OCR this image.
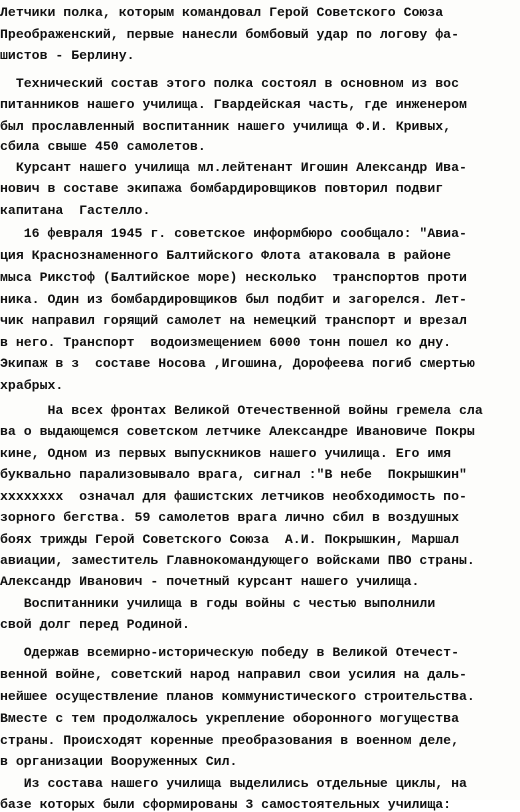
Летчики полка, которым командовал Герой Советского Союза
Преображенский, первые нанесли бомбовый удар по логову фа-
шистов - Берлину.
Технический состав этого полка состоял в основном из вос
питанников нашего училища. Гвардейская часть, где инженером
был прославленный воспитанник нашего училища Ф.И. Кривых,
сбила свыше 450 самолетов.
Курсант нашего училища мл.лейтенант Игошин Александр Ива-
нович в составе экипажа бомбардировщиков повторил подвиг
капитана  Гастелло.
16 февраля 1945 г. советское информбюро сообщало: "Авиа-
ция Краснознаменного Балтийского Флота атаковала в районе
мыса Рикстоф (Балтийское море) несколько  транспортов проти
ника. Один из бомбардировщиков был подбит и загорелся. Лет-
чик направил горящий самолет на немецкий транспорт и врезал
в него. Транспорт  водоизмещением 6000 тонн пошел ко дну.
Экипаж в з  составе Носова ,Игошина, Дорофеева погиб смертью
храбрых.
На всех фронтах Великой Отечественной войны гремела сла
ва о выдающемся советском летчике Александре Ивановиче Покры
кине, Одном из первых выпускников нашего училища. Его имя
буквально парализовывало врага, сигнал :"В небе  Покрышкин"
хххххххх  означал для фашистских летчиков необходимость по-
зорного бегства. 59 самолетов врага лично сбил в воздушных
боях трижды Герой Советского Союза  А.И. Покрышкин, Маршал
авиации, заместитель Главнокомандующего войсками ПВО страны.
Александр Иванович - почетный курсант нашего училища.
Воспитанники училища в годы войны с честью выполнили
свой долг перед Родиной.
Одержав всемирно-историческую победу в Великой Отечест-
венной войне, советский народ направил свои усилия на даль-
нейшее осуществление планов коммунистического строительства.
Вместе с тем продолжалось укрепление оборонного могущества
страны. Происходят коренные преобразования в военном деле,
в организации Вооруженных Сил.
Из состава нашего училища выделились отдельные циклы, на
базе которых были сформированы 3 самостоятельных училища:
